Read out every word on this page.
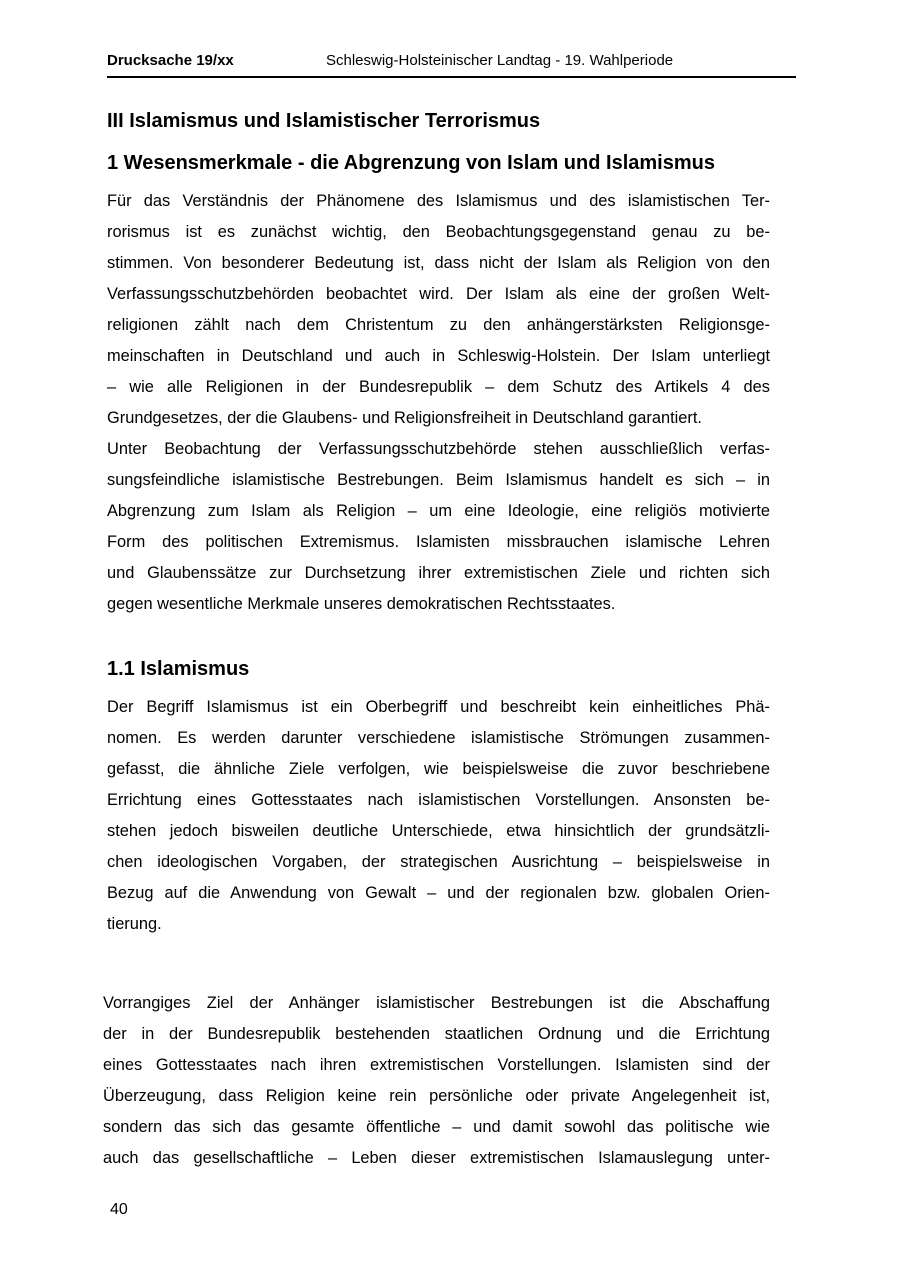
Drucksache 19/xx	Schleswig-Holsteinischer Landtag - 19. Wahlperiode
III Islamismus und Islamistischer Terrorismus
1 Wesensmerkmale - die Abgrenzung von Islam und Islamismus
Für das Verständnis der Phänomene des Islamismus und des islamistischen Ter-
rorismus ist es zunächst wichtig, den Beobachtungsgegenstand genau zu be-
stimmen. Von besonderer Bedeutung ist, dass nicht der Islam als Religion von den
Verfassungsschutzbehörden beobachtet wird. Der Islam als eine der großen Welt-
religionen zählt nach dem Christentum zu den anhängerstärksten Religionsge-
meinschaften in Deutschland und auch in Schleswig-Holstein. Der Islam unterliegt
– wie alle Religionen in der Bundesrepublik – dem Schutz des Artikels 4 des
Grundgesetzes, der die Glaubens- und Religionsfreiheit in Deutschland garantiert.
Unter Beobachtung der Verfassungsschutzbehörde stehen ausschließlich verfas-
sungsfeindliche islamistische Bestrebungen. Beim Islamismus handelt es sich – in
Abgrenzung zum Islam als Religion – um eine Ideologie, eine religiös motivierte
Form des politischen Extremismus. Islamisten missbrauchen islamische Lehren
und Glaubenssätze zur Durchsetzung ihrer extremistischen Ziele und richten sich
gegen wesentliche Merkmale unseres demokratischen Rechtsstaates.
1.1 Islamismus
Der Begriff Islamismus ist ein Oberbegriff und beschreibt kein einheitliches Phä-
nomen. Es werden darunter verschiedene islamistische Strömungen zusammen-
gefasst, die ähnliche Ziele verfolgen, wie beispielsweise die zuvor beschriebene
Errichtung eines Gottesstaates nach islamistischen Vorstellungen. Ansonsten be-
stehen jedoch bisweilen deutliche Unterschiede, etwa hinsichtlich der grundsätzli-
chen ideologischen Vorgaben, der strategischen Ausrichtung – beispielsweise in
Bezug auf die Anwendung von Gewalt – und der regionalen bzw. globalen Orien-
tierung.
Vorrangiges Ziel der Anhänger islamistischer Bestrebungen ist die Abschaffung
der in der Bundesrepublik bestehenden staatlichen Ordnung und die Errichtung
eines Gottesstaates nach ihren extremistischen Vorstellungen. Islamisten sind der
Überzeugung, dass Religion keine rein persönliche oder private Angelegenheit ist,
sondern das sich das gesamte öffentliche – und damit sowohl das politische wie
auch das gesellschaftliche – Leben dieser extremistischen Islamauslegung unter-
40
